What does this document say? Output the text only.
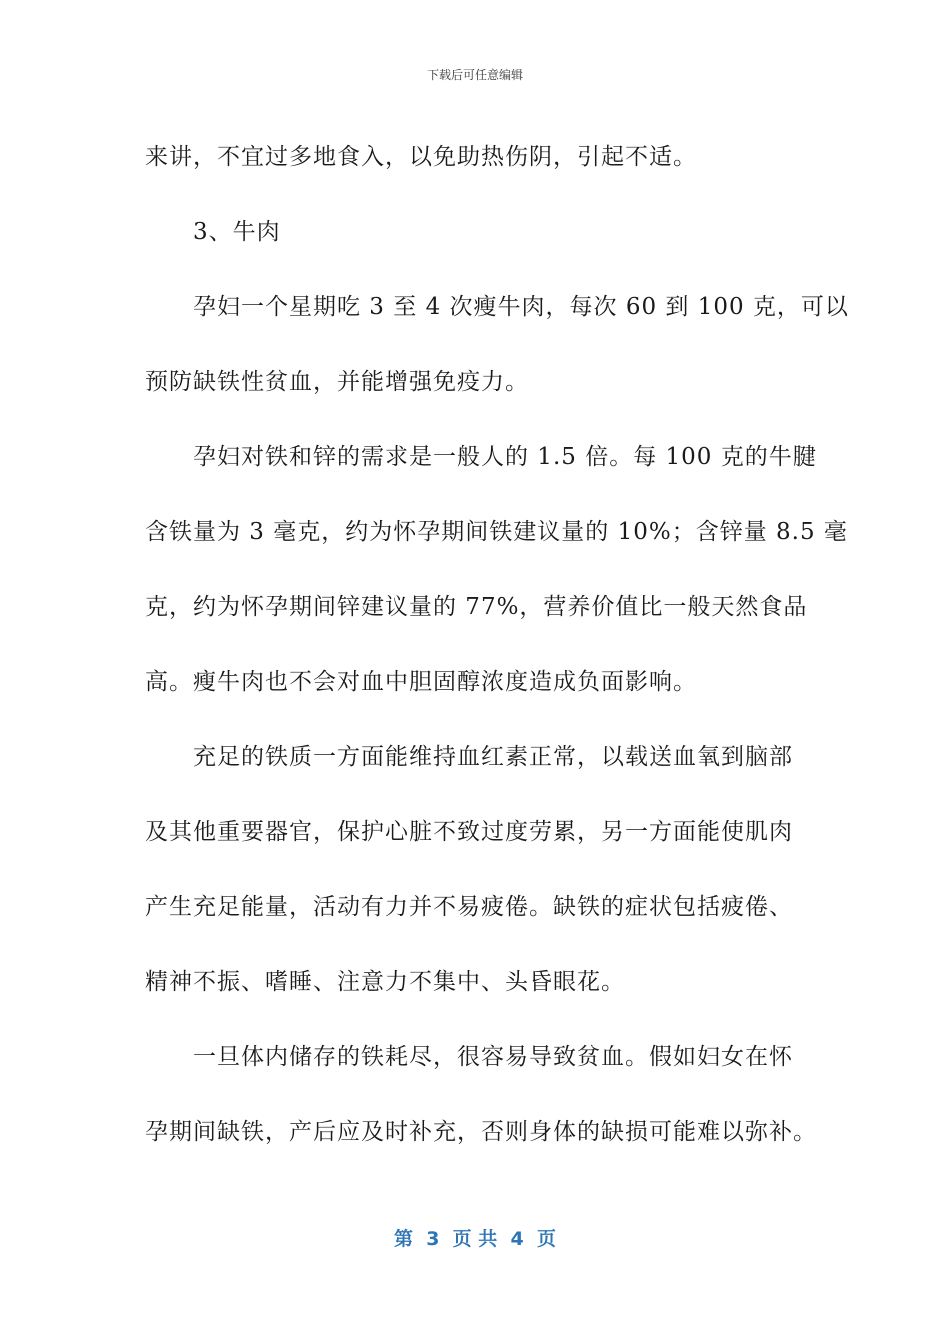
下载后可任意编辑

来讲，不宜过多地食入，以免助热伤阴，引起不适。

3、牛肉

孕妇一个星期吃 3 至 4 次瘦牛肉，每次 60 到 100 克，可以

预防缺铁性贫血，并能增强免疫力。

孕妇对铁和锌的需求是一般人的 1.5 倍。每 100 克的牛腱

含铁量为 3 毫克，约为怀孕期间铁建议量的 10%；含锌量 8.5 毫

克，约为怀孕期间锌建议量的 77%，营养价值比一般天然食品

高。瘦牛肉也不会对血中胆固醇浓度造成负面影响。

充足的铁质一方面能维持血红素正常，以载送血氧到脑部

及其他重要器官，保护心脏不致过度劳累，另一方面能使肌肉

产生充足能量，活动有力并不易疲倦。缺铁的症状包括疲倦、

精神不振、嗜睡、注意力不集中、头昏眼花。

一旦体内储存的铁耗尽，很容易导致贫血。假如妇女在怀

孕期间缺铁，产后应及时补充，否则身体的缺损可能难以弥补。

第  3  页 共  4  页
